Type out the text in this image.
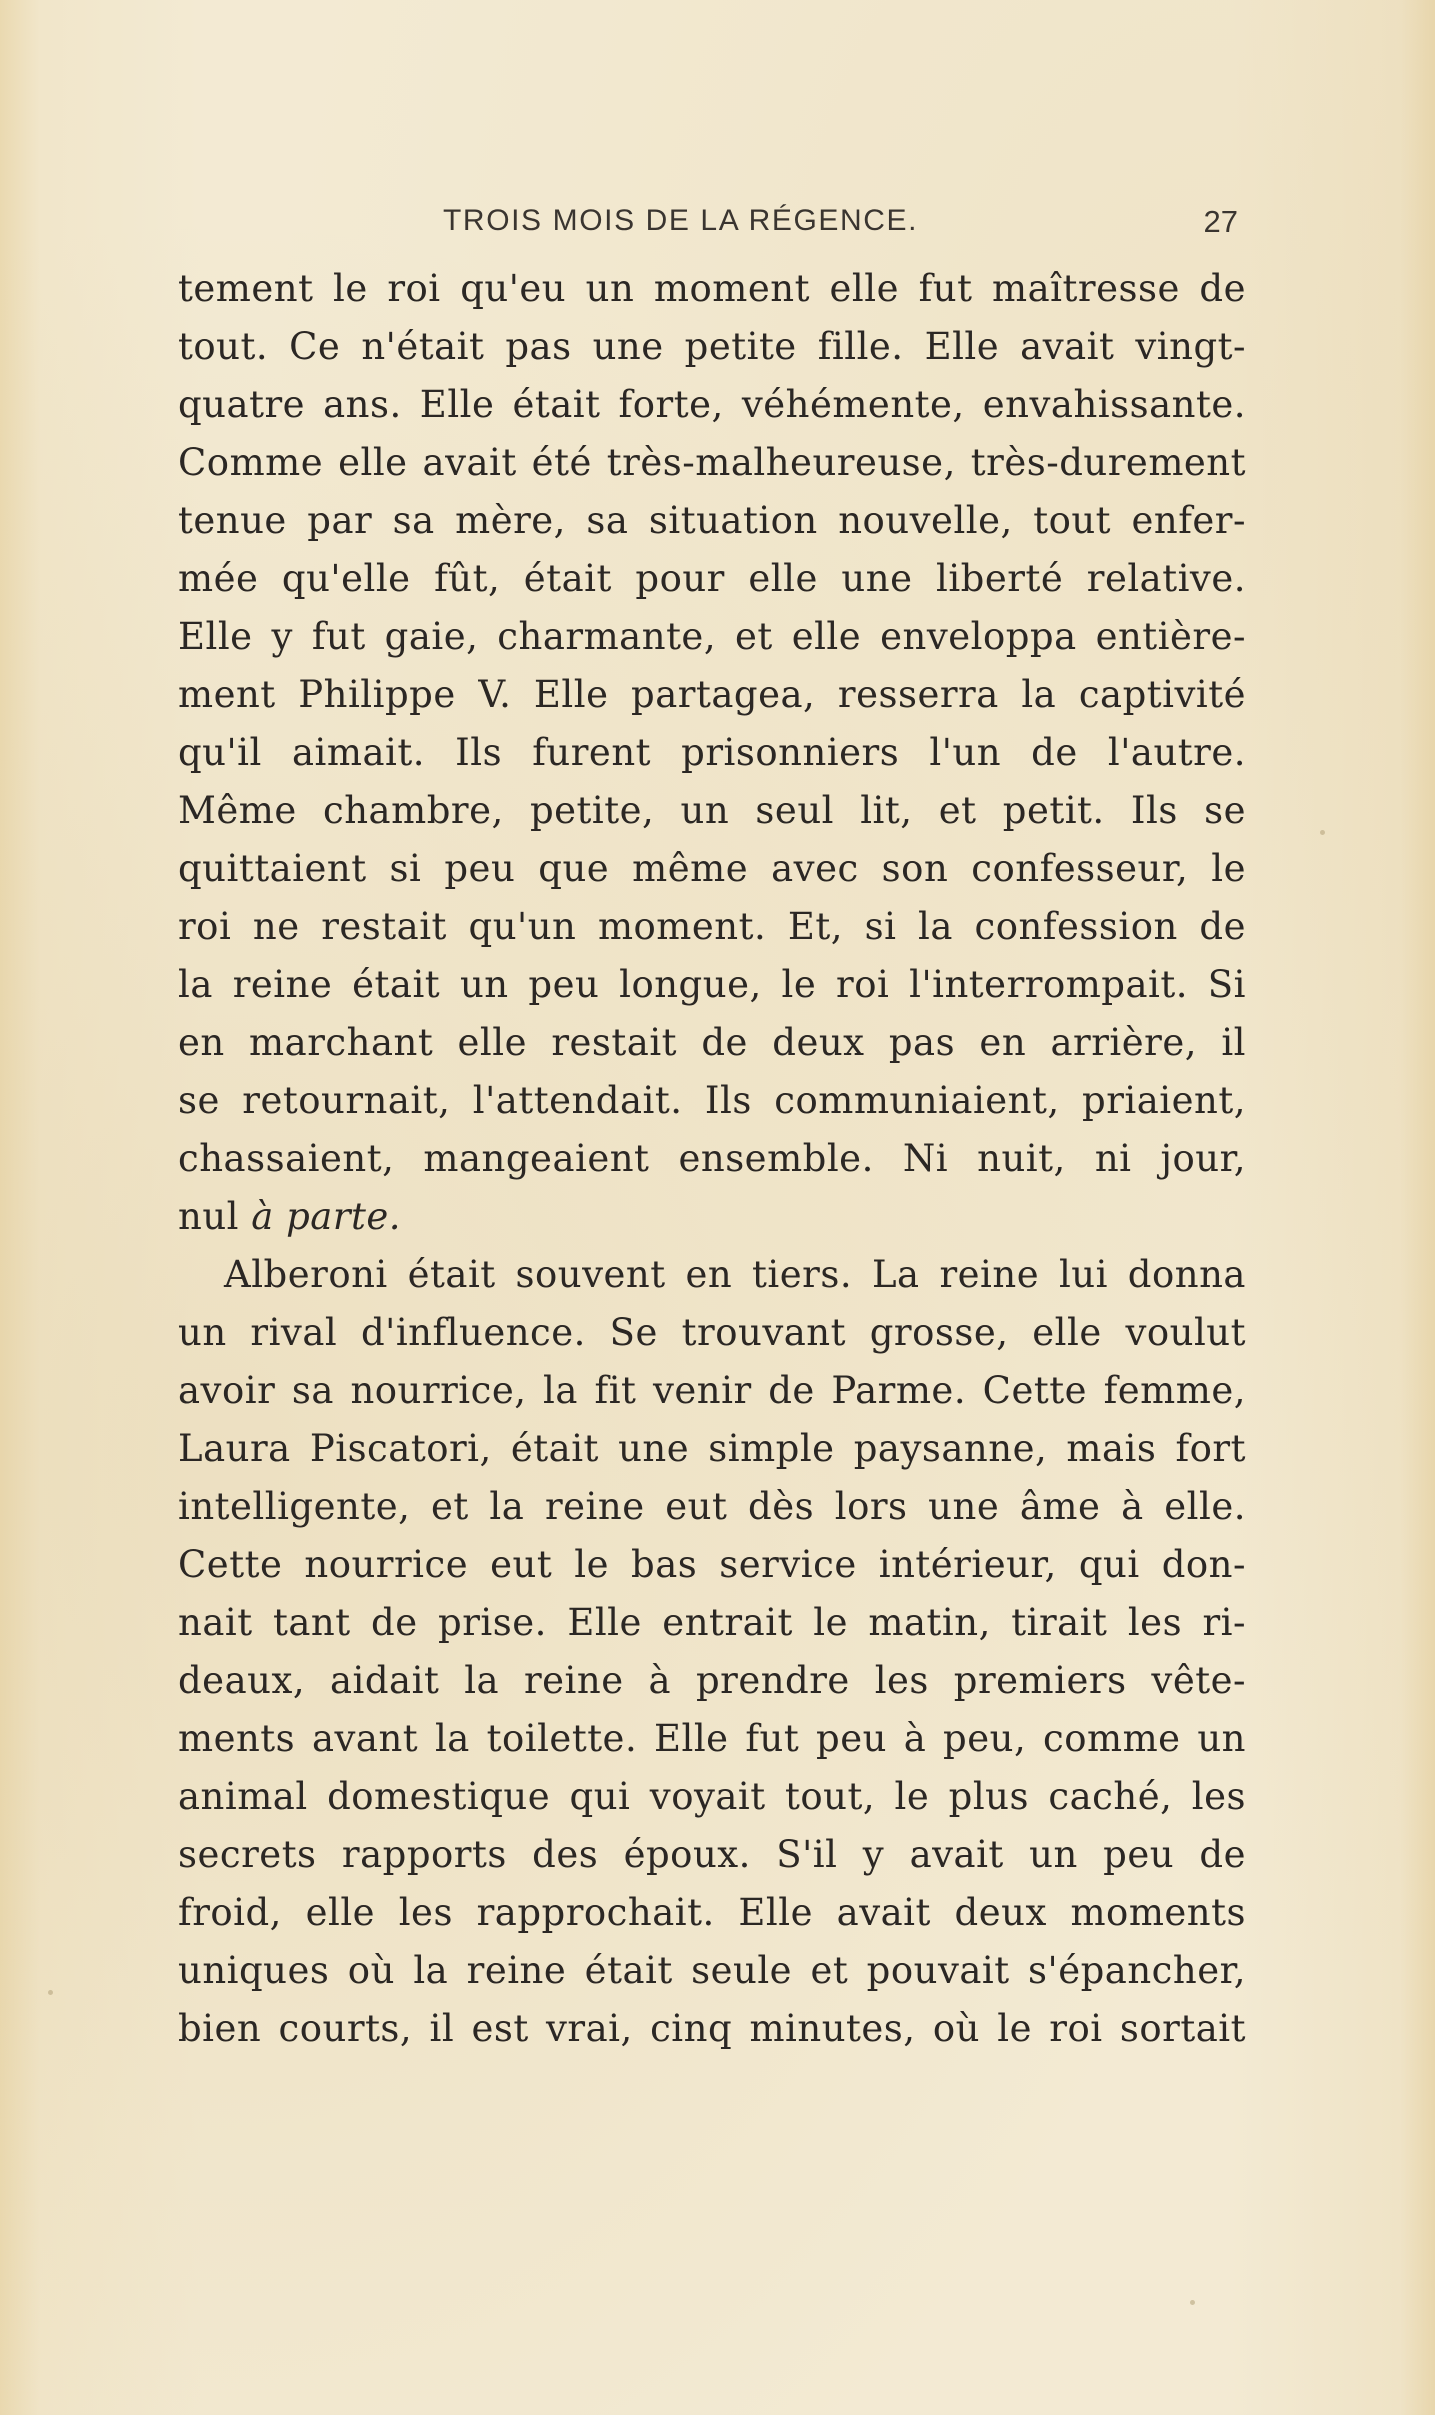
TROIS MOIS DE LA RÉGENCE.	27
tement le roi qu'eu un moment elle fut maîtresse de
tout. Ce n'était pas une petite fille. Elle avait vingt-
quatre ans. Elle était forte, véhémente, envahissante.
Comme elle avait été très-malheureuse, très-durement
tenue par sa mère, sa situation nouvelle, tout enfer-
mée qu'elle fût, était pour elle une liberté relative.
Elle y fut gaie, charmante, et elle enveloppa entière-
ment Philippe V. Elle partagea, resserra la captivité
qu'il aimait. Ils furent prisonniers l'un de l'autre.
Même chambre, petite, un seul lit, et petit. Ils se
quittaient si peu que même avec son confesseur, le
roi ne restait qu'un moment. Et, si la confession de
la reine était un peu longue, le roi l'interrompait. Si
en marchant elle restait de deux pas en arrière, il
se retournait, l'attendait. Ils communiaient, priaient,
chassaient, mangeaient ensemble. Ni nuit, ni jour,
nul à parte.
Alberoni était souvent en tiers. La reine lui donna
un rival d'influence. Se trouvant grosse, elle voulut
avoir sa nourrice, la fit venir de Parme. Cette femme,
Laura Piscatori, était une simple paysanne, mais fort
intelligente, et la reine eut dès lors une âme à elle.
Cette nourrice eut le bas service intérieur, qui don-
nait tant de prise. Elle entrait le matin, tirait les ri-
deaux, aidait la reine à prendre les premiers vête-
ments avant la toilette. Elle fut peu à peu, comme un
animal domestique qui voyait tout, le plus caché, les
secrets rapports des époux. S'il y avait un peu de
froid, elle les rapprochait. Elle avait deux moments
uniques où la reine était seule et pouvait s'épancher,
bien courts, il est vrai, cinq minutes, où le roi sortait
